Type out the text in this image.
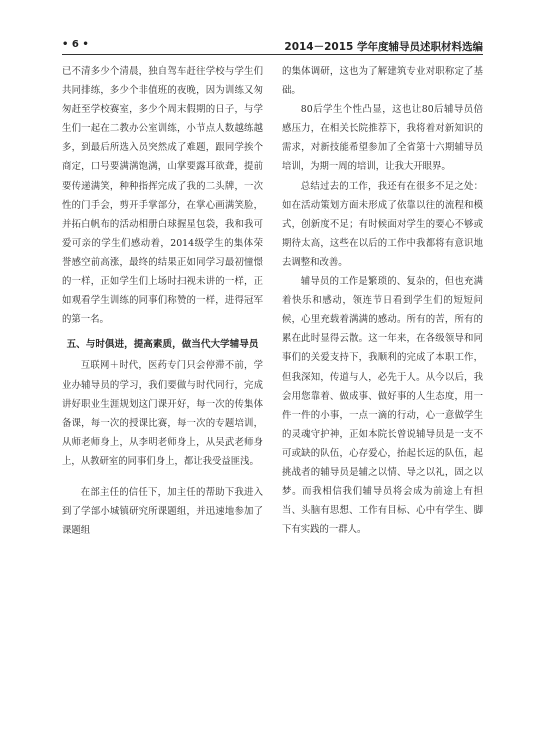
• 6 •	2014－2015 学年度辅导员述职材料选编

已不清多少个清晨，独自驾车赶往学校与学生们共同排练，多少个非值班的夜晚，因为训练又匆匆赶至学校赛室，多少个周末假期的日子，与学生们一起在二教办公室训练，小节点人数越练越多，到最后所选入员突然成了难题，跟同学挨个商定，口号要满满饱满，山掌要露耳欲聋，提前要传递满笑，种种指挥完成了我的二头牌，一次性的门手会，剪开手掌部分，在掌心画满笑脸，并拓白帆布的活动相册白球握星包袋，我和我可爱可亲的学生们感动着，2014级学生的集体荣誉感空前高涨，最终的结果正如同学习最初憧憬的一样，正如学生们上场时扫视未讲的一样，正如观看学生训练的同事们称赞的一样，进得冠军的第一名。

五、与时俱进，提高素质，做当代大学辅导员

互联网＋时代，医药专门只会停滞不前，学业办辅导员的学习，我们要做与时代同行，完成讲好职业生涯规划这门课开好，每一次的传集体备课，每一次的授课比赛，每一次的专题培训，从师老师身上，从李明老师身上，从吴武老师身上，从教研室的同事们身上，都让我受益匪浅。

在部主任的信任下，加主任的帮助下我进入到了学部小城镇研究所课题组，并迅速地参加了课题组

的集体调研，这也为了解建筑专业对职称定了基础。

80后学生个性凸显，这也让80后辅导员倍感压力，在相关长院推荐下，我将着对新知识的需求，对新技能希望参加了全省第十六期辅导员培训，为期一周的培训，让我大开眼界。

总结过去的工作，我还有在很多不足之处：如在活动策划方面未形成了依靠以往的流程和模式，创新度不足；有时候面对学生的要心不够或期待太高，这些在以后的工作中我都将有意识地去调整和改善。

辅导员的工作是繁琐的、复杂的，但也充满着快乐和感动，领连节日看到学生们的短短问候，心里充载着满满的感动。所有的苦，所有的累在此时显得云散。这一年来，在各级领导和同事们的关爱支持下，我顺利的完成了本职工作，但我深知，传道与人，必先于人。从今以后，我会用您靠着、做成事、做好事的人生态度，用一件一件的小事，一点一滴的行动，心一意做学生的灵魂守护神，正如本院长曾说辅导员是一支不可或缺的队伍，心存爱心，抬起长远的队伍，起挑战者的辅导员是辅之以情、导之以礼，固之以梦。而我相信我们辅导员将会成为前途上有担当、头脑有思想、工作有目标、心中有学生、脚下有实践的一群人。
